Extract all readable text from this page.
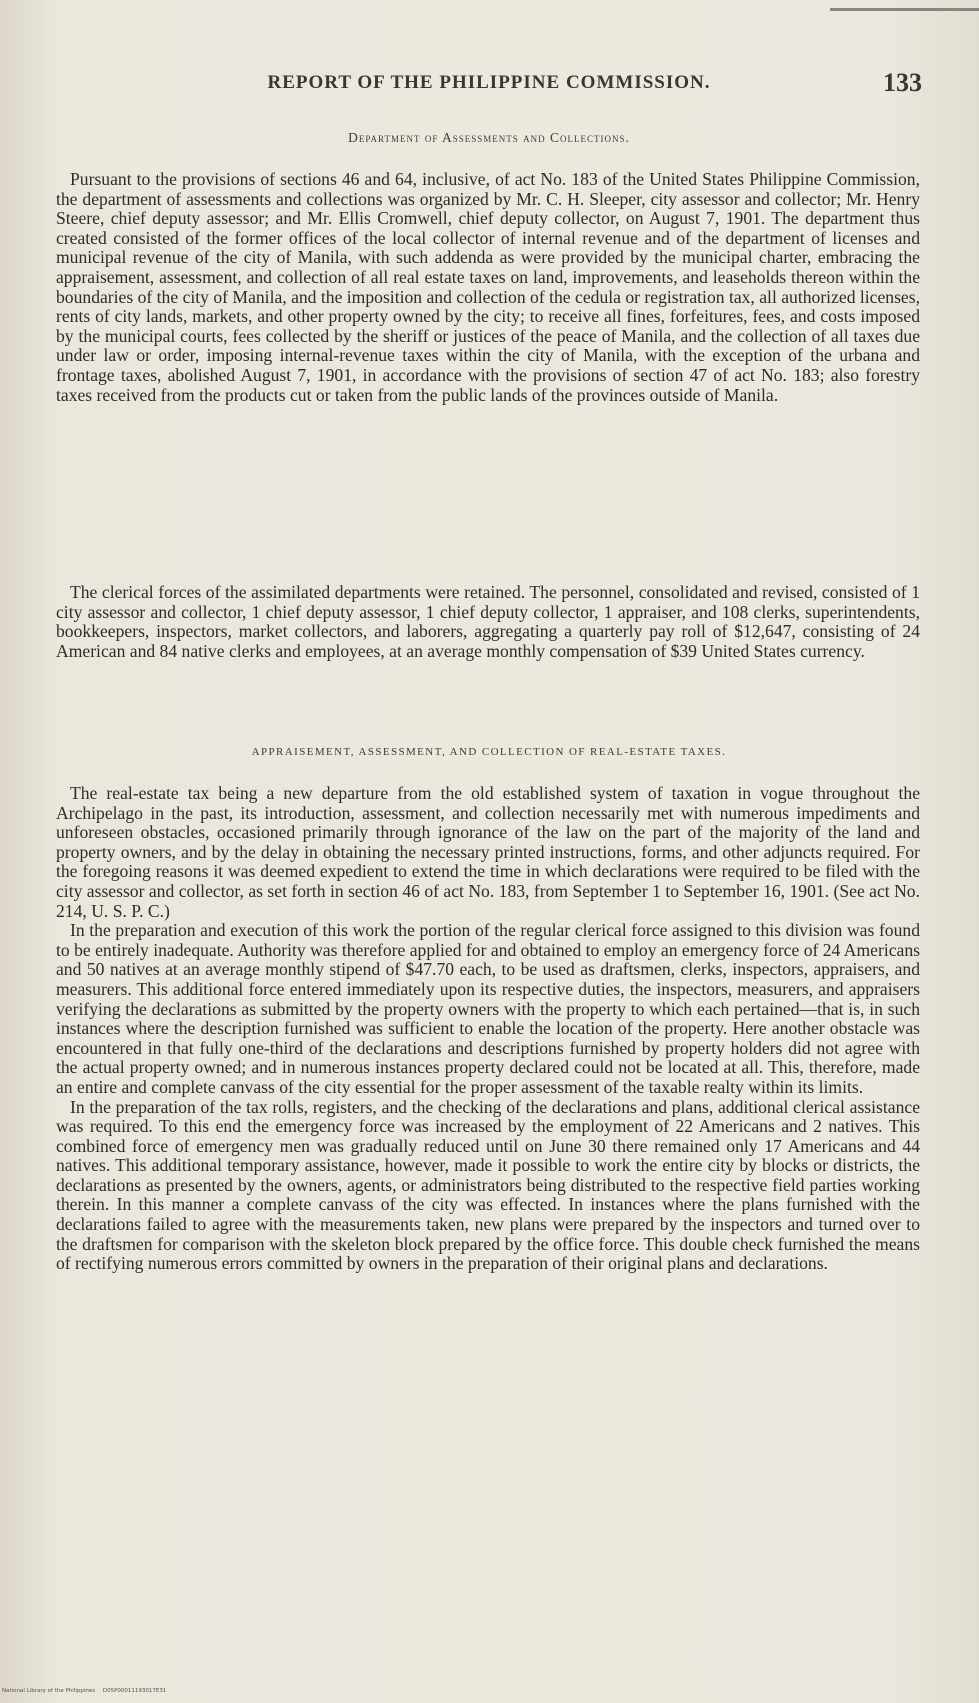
REPORT OF THE PHILIPPINE COMMISSION.	133
Department of Assessments and Collections.

Pursuant to the provisions of sections 46 and 64, inclusive, of act No. 183 of the United States Philippine Commission, the department of assessments and collections was organized by Mr. C. H. Sleeper, city assessor and collector; Mr. Henry Steere, chief deputy assessor; and Mr. Ellis Cromwell, chief deputy collector, on August 7, 1901. The department thus created consisted of the former offices of the local collector of internal revenue and of the department of licenses and municipal revenue of the city of Manila, with such addenda as were provided by the municipal charter, embracing the appraisement, assessment, and collection of all real estate taxes on land, improvements, and leaseholds thereon within the boundaries of the city of Manila, and the imposition and collection of the cedula or registration tax, all authorized licenses, rents of city lands, markets, and other property owned by the city; to receive all fines, forfeitures, fees, and costs imposed by the municipal courts, fees collected by the sheriff or justices of the peace of Manila, and the collection of all taxes due under law or order, imposing internal-revenue taxes within the city of Manila, with the exception of the urbana and frontage taxes, abolished August 7, 1901, in accordance with the provisions of section 47 of act No. 183; also forestry taxes received from the products cut or taken from the public lands of the provinces outside of Manila.

The clerical forces of the assimilated departments were retained. The personnel, consolidated and revised, consisted of 1 city assessor and collector, 1 chief deputy assessor, 1 chief deputy collector, 1 appraiser, and 108 clerks, superintendents, bookkeepers, inspectors, market collectors, and laborers, aggregating a quarterly pay roll of $12,647, consisting of 24 American and 84 native clerks and employees, at an average monthly compensation of $39 United States currency.

APPRAISEMENT, ASSESSMENT, AND COLLECTION OF REAL-ESTATE TAXES.

The real-estate tax being a new departure from the old established system of taxation in vogue throughout the Archipelago in the past, its introduction, assessment, and collection necessarily met with numerous impediments and unforeseen obstacles, occasioned primarily through ignorance of the law on the part of the majority of the land and property owners, and by the delay in obtaining the necessary printed instructions, forms, and other adjuncts required. For the foregoing reasons it was deemed expedient to extend the time in which declarations were required to be filed with the city assessor and collector, as set forth in section 46 of act No. 183, from September 1 to September 16, 1901. (See act No. 214, U. S. P. C.)

In the preparation and execution of this work the portion of the regular clerical force assigned to this division was found to be entirely inadequate. Authority was therefore applied for and obtained to employ an emergency force of 24 Americans and 50 natives at an average monthly stipend of $47.70 each, to be used as draftsmen, clerks, inspectors, appraisers, and measurers. This additional force entered immediately upon its respective duties, the inspectors, measurers, and appraisers verifying the declarations as submitted by the property owners with the property to which each pertained—that is, in such instances where the description furnished was sufficient to enable the location of the property. Here another obstacle was encountered in that fully one-third of the declarations and descriptions furnished by property holders did not agree with the actual property owned; and in numerous instances property declared could not be located at all. This, therefore, made an entire and complete canvass of the city essential for the proper assessment of the taxable realty within its limits.

In the preparation of the tax rolls, registers, and the checking of the declarations and plans, additional clerical assistance was required. To this end the emergency force was increased by the employment of 22 Americans and 2 natives. This combined force of emergency men was gradually reduced until on June 30 there remained only 17 Americans and 44 natives. This additional temporary assistance, however, made it possible to work the entire city by blocks or districts, the declarations as presented by the owners, agents, or administrators being distributed to the respective field parties working therein. In this manner a complete canvass of the city was effected. In instances where the plans furnished with the declarations failed to agree with the measurements taken, new plans were prepared by the inspectors and turned over to the draftsmen for comparison with the skeleton block prepared by the office force. This double check furnished the means of rectifying numerous errors committed by owners in the preparation of their original plans and declarations.

National Library of the Philippines D05P00011193017E31
